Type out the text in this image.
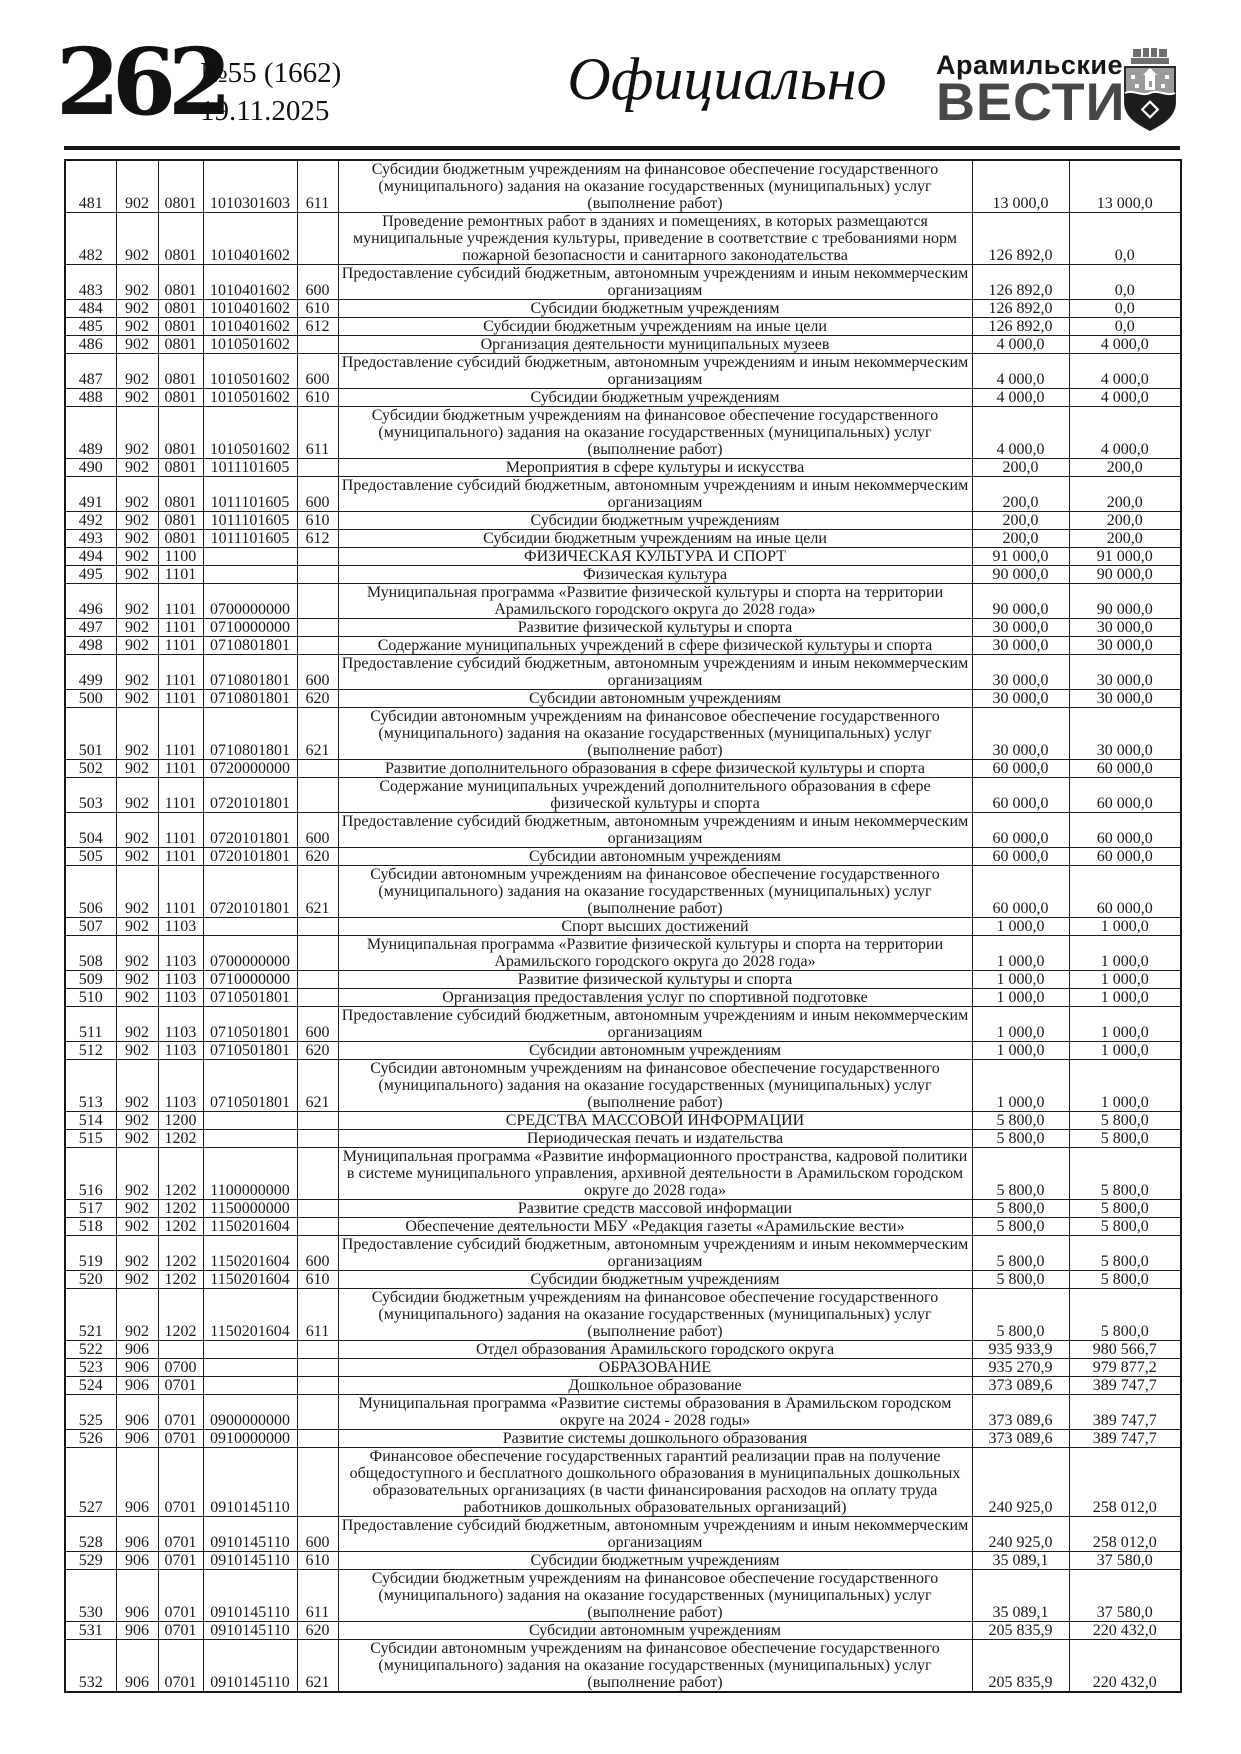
262
№55 (1662)
19.11.2025	Официально	Арамильские
ВЕСТИ
481	902	0801	1010301603	611	Субсидии бюджетным учреждениям на финансовое обеспечение государственного (муниципального) задания на оказание государственных (муниципальных) услуг (выполнение работ)	13 000,0	13 000,0
482	902	0801	1010401602		Проведение ремонтных работ в зданиях и помещениях, в которых размещаются муниципальные учреждения культуры, приведение в соответствие с требованиями норм пожарной безопасности и санитарного законодательства	126 892,0	0,0
483	902	0801	1010401602	600	Предоставление субсидий бюджетным, автономным учреждениям и иным некоммерческим организациям	126 892,0	0,0
484	902	0801	1010401602	610	Субсидии бюджетным учреждениям	126 892,0	0,0
485	902	0801	1010401602	612	Субсидии бюджетным учреждениям на иные цели	126 892,0	0,0
486	902	0801	1010501602		Организация деятельности муниципальных музеев	4 000,0	4 000,0
487	902	0801	1010501602	600	Предоставление субсидий бюджетным, автономным учреждениям и иным некоммерческим организациям	4 000,0	4 000,0
488	902	0801	1010501602	610	Субсидии бюджетным учреждениям	4 000,0	4 000,0
489	902	0801	1010501602	611	Субсидии бюджетным учреждениям на финансовое обеспечение государственного (муниципального) задания на оказание государственных (муниципальных) услуг (выполнение работ)	4 000,0	4 000,0
490	902	0801	1011101605		Мероприятия в сфере культуры и искусства	200,0	200,0
491	902	0801	1011101605	600	Предоставление субсидий бюджетным, автономным учреждениям и иным некоммерческим организациям	200,0	200,0
492	902	0801	1011101605	610	Субсидии бюджетным учреждениям	200,0	200,0
493	902	0801	1011101605	612	Субсидии бюджетным учреждениям на иные цели	200,0	200,0
494	902	1100			ФИЗИЧЕСКАЯ КУЛЬТУРА И СПОРТ	91 000,0	91 000,0
495	902	1101			Физическая культура	90 000,0	90 000,0
496	902	1101	0700000000		Муниципальная программа «Развитие физической культуры и спорта на территории Арамильского городского округа до 2028 года»	90 000,0	90 000,0
497	902	1101	0710000000		Развитие физической культуры и спорта	30 000,0	30 000,0
498	902	1101	0710801801		Содержание муниципальных учреждений в сфере физической культуры и спорта	30 000,0	30 000,0
499	902	1101	0710801801	600	Предоставление субсидий бюджетным, автономным учреждениям и иным некоммерческим организациям	30 000,0	30 000,0
500	902	1101	0710801801	620	Субсидии автономным учреждениям	30 000,0	30 000,0
501	902	1101	0710801801	621	Субсидии автономным учреждениям на финансовое обеспечение государственного (муниципального) задания на оказание государственных (муниципальных) услуг (выполнение работ)	30 000,0	30 000,0
502	902	1101	0720000000		Развитие дополнительного образования в сфере физической культуры и спорта	60 000,0	60 000,0
503	902	1101	0720101801		Содержание муниципальных учреждений дополнительного образования в сфере физической культуры и спорта	60 000,0	60 000,0
504	902	1101	0720101801	600	Предоставление субсидий бюджетным, автономным учреждениям и иным некоммерческим организациям	60 000,0	60 000,0
505	902	1101	0720101801	620	Субсидии автономным учреждениям	60 000,0	60 000,0
506	902	1101	0720101801	621	Субсидии автономным учреждениям на финансовое обеспечение государственного (муниципального) задания на оказание государственных (муниципальных) услуг (выполнение работ)	60 000,0	60 000,0
507	902	1103			Спорт высших достижений	1 000,0	1 000,0
508	902	1103	0700000000		Муниципальная программа «Развитие физической культуры и спорта на территории Арамильского городского округа до 2028 года»	1 000,0	1 000,0
509	902	1103	0710000000		Развитие физической культуры и спорта	1 000,0	1 000,0
510	902	1103	0710501801		Организация предоставления услуг по спортивной подготовке	1 000,0	1 000,0
511	902	1103	0710501801	600	Предоставление субсидий бюджетным, автономным учреждениям и иным некоммерческим организациям	1 000,0	1 000,0
512	902	1103	0710501801	620	Субсидии автономным учреждениям	1 000,0	1 000,0
513	902	1103	0710501801	621	Субсидии автономным учреждениям на финансовое обеспечение государственного (муниципального) задания на оказание государственных (муниципальных) услуг (выполнение работ)	1 000,0	1 000,0
514	902	1200			СРЕДСТВА МАССОВОЙ ИНФОРМАЦИИ	5 800,0	5 800,0
515	902	1202			Периодическая печать и издательства	5 800,0	5 800,0
516	902	1202	1100000000		Муниципальная программа «Развитие информационного пространства, кадровой политики в системе муниципального управления, архивной деятельности в Арамильском городском округе до 2028 года»	5 800,0	5 800,0
517	902	1202	1150000000		Развитие средств массовой информации	5 800,0	5 800,0
518	902	1202	1150201604		Обеспечение деятельности МБУ «Редакция газеты «Арамильские вести»	5 800,0	5 800,0
519	902	1202	1150201604	600	Предоставление субсидий бюджетным, автономным учреждениям и иным некоммерческим организациям	5 800,0	5 800,0
520	902	1202	1150201604	610	Субсидии бюджетным учреждениям	5 800,0	5 800,0
521	902	1202	1150201604	611	Субсидии бюджетным учреждениям на финансовое обеспечение государственного (муниципального) задания на оказание государственных (муниципальных) услуг (выполнение работ)	5 800,0	5 800,0
522	906				Отдел образования Арамильского городского округа	935 933,9	980 566,7
523	906	0700			ОБРАЗОВАНИЕ	935 270,9	979 877,2
524	906	0701			Дошкольное образование	373 089,6	389 747,7
525	906	0701	0900000000		Муниципальная программа «Развитие системы образования в Арамильском городском округе на 2024 - 2028 годы»	373 089,6	389 747,7
526	906	0701	0910000000		Развитие системы дошкольного образования	373 089,6	389 747,7
527	906	0701	0910145110		Финансовое обеспечение государственных гарантий реализации прав на получение общедоступного и бесплатного дошкольного образования в муниципальных дошкольных образовательных организациях (в части финансирования расходов на оплату труда работников дошкольных образовательных организаций)	240 925,0	258 012,0
528	906	0701	0910145110	600	Предоставление субсидий бюджетным, автономным учреждениям и иным некоммерческим организациям	240 925,0	258 012,0
529	906	0701	0910145110	610	Субсидии бюджетным учреждениям	35 089,1	37 580,0
530	906	0701	0910145110	611	Субсидии бюджетным учреждениям на финансовое обеспечение государственного (муниципального) задания на оказание государственных (муниципальных) услуг (выполнение работ)	35 089,1	37 580,0
531	906	0701	0910145110	620	Субсидии автономным учреждениям	205 835,9	220 432,0
532	906	0701	0910145110	621	Субсидии автономным учреждениям на финансовое обеспечение государственного (муниципального) задания на оказание государственных (муниципальных) услуг (выполнение работ)	205 835,9	220 432,0
